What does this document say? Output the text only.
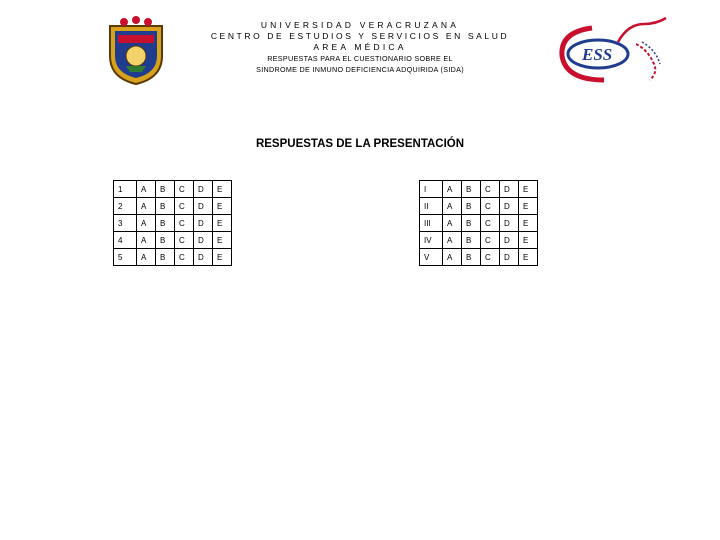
UNIVERSIDAD VERACRUZANA
CENTRO DE ESTUDIOS Y SERVICIOS EN SALUD
AREA MÉDICA
RESPUESTAS PARA EL CUESTIONARIO SOBRE EL
SINDROME DE INMUNO DEFICIENCIA ADQUIRIDA (SIDA)
ESS
RESPUESTAS DE LA PRESENTACIÓN
1	A	B	C	D	E
2	A	B	C	D	E
3	A	B	C	D	E
4	A	B	C	D	E
5	A	B	C	D	E
I	A	B	C	D	E
II	A	B	C	D	E
III	A	B	C	D	E
IV	A	B	C	D	E
V	A	B	C	D	E
